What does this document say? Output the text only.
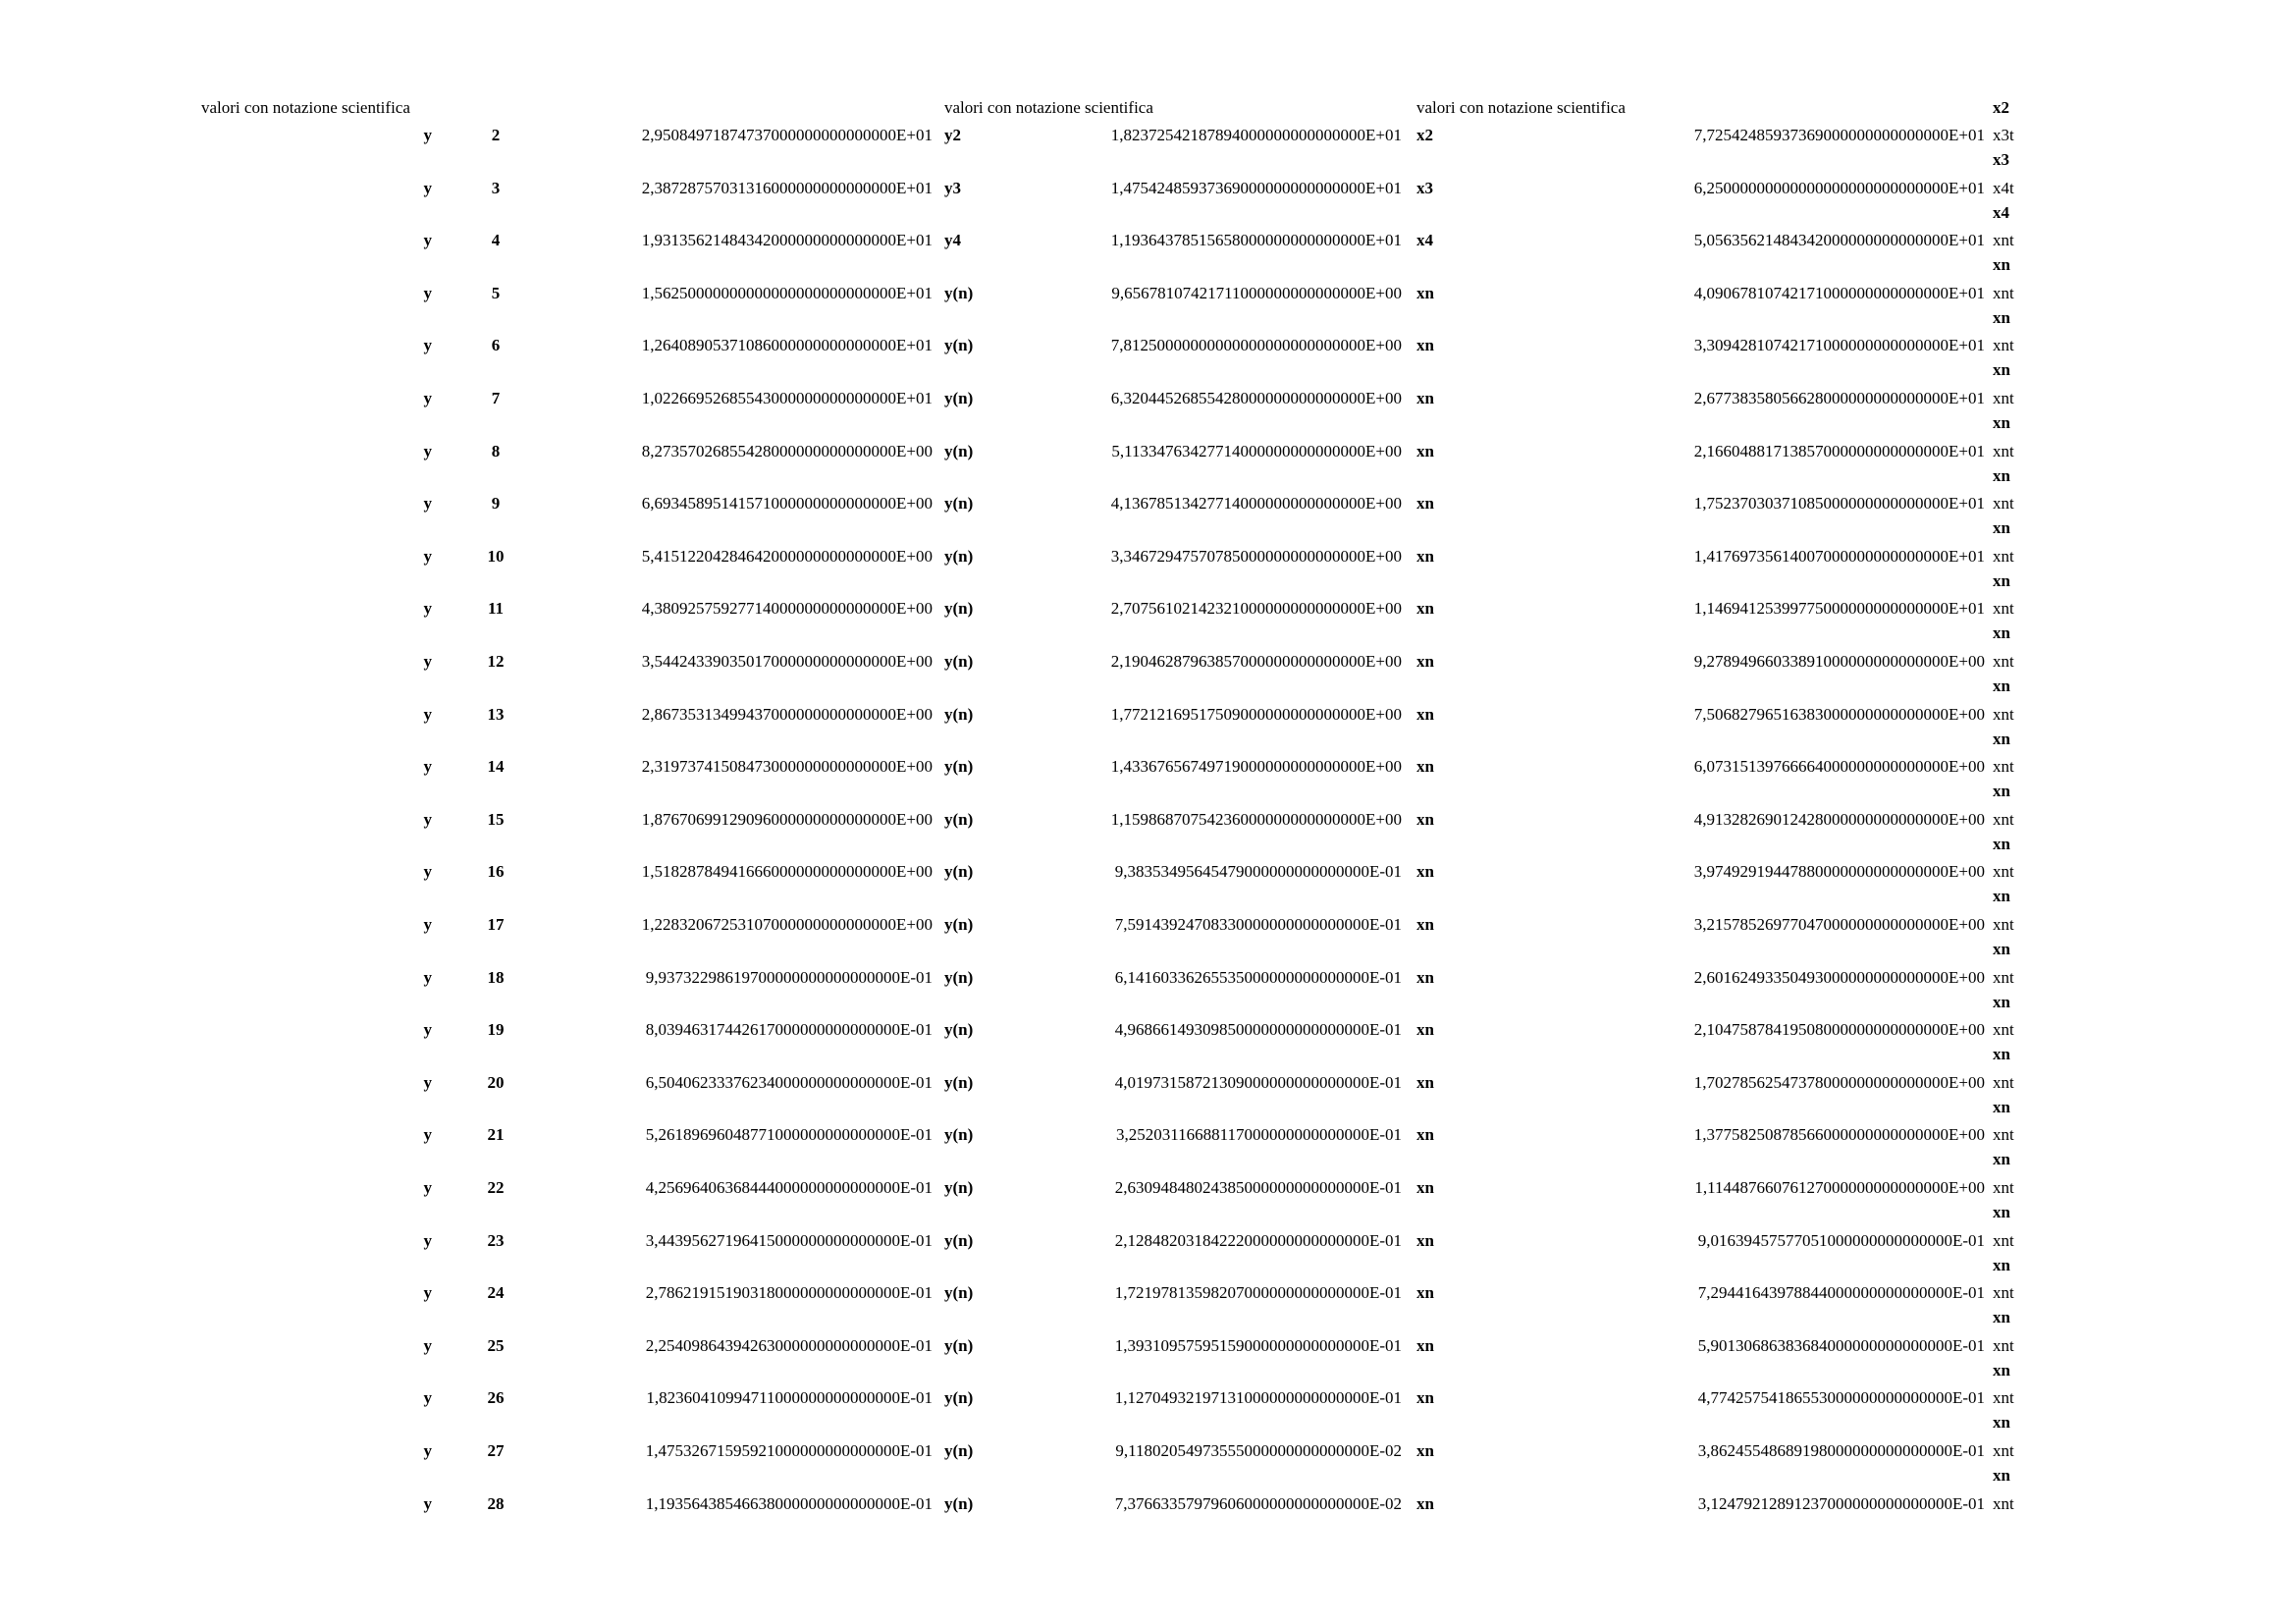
valori con notazione scientifica	valori con notazione scientifica	valori con notazione scientifica	x2
y	2	2,95084971874737000000000000000E+01 y2	1,82372542187894000000000000000E+01 x2	7,72542485937369000000000000000E+01 x3t
x3
y	3	2,38728757031316000000000000000E+01 y3	1,47542485937369000000000000000E+01 x3	6,25000000000000000000000000000E+01 x4t
x4
y	4	1,93135621484342000000000000000E+01 y4	1,19364378515658000000000000000E+01 x4	5,05635621484342000000000000000E+01 xnt
xn
y	5	1,56250000000000000000000000000E+01 y(n)	9,65678107421711000000000000000E+00 xn	4,09067810742171000000000000000E+01 xnt
xn
y	6	1,26408905371086000000000000000E+01 y(n)	7,81250000000000000000000000000E+00 xn	3,30942810742171000000000000000E+01 xnt
xn
y	7	1,02266952685543000000000000000E+01 y(n)	6,32044526855428000000000000000E+00 xn	2,67738358056628000000000000000E+01 xnt
xn
y	8	8,27357026855428000000000000000E+00 y(n)	5,11334763427714000000000000000E+00 xn	2,16604881713857000000000000000E+01 xnt
xn
y	9	6,69345895141571000000000000000E+00 y(n)	4,13678513427714000000000000000E+00 xn	1,75237030371085000000000000000E+01 xnt
xn
y	10	5,41512204284642000000000000000E+00 y(n)	3,34672947570785000000000000000E+00 xn	1,41769735614007000000000000000E+01 xnt
xn
y	11	4,38092575927714000000000000000E+00 y(n)	2,70756102142321000000000000000E+00 xn	1,14694125399775000000000000000E+01 xnt
xn
y	12	3,54424339035017000000000000000E+00 y(n)	2,19046287963857000000000000000E+00 xn	9,27894966033891000000000000000E+00 xnt
xn
y	13	2,86735313499437000000000000000E+00 y(n)	1,77212169517509000000000000000E+00 xn	7,50682796516383000000000000000E+00 xnt
xn
y	14	2,31973741508473000000000000000E+00 y(n)	1,43367656749719000000000000000E+00 xn	6,07315139766664000000000000000E+00 xnt
xn
y	15	1,87670699129096000000000000000E+00 y(n)	1,15986870754236000000000000000E+00 xn	4,91328269012428000000000000000E+00 xnt
xn
y	16	1,51828784941666000000000000000E+00 y(n)	9,38353495645479000000000000000E-01 xn	3,97492919447880000000000000000E+00 xnt
xn
y	17	1,22832067253107000000000000000E+00 y(n)	7,59143924708330000000000000000E-01 xn	3,21578526977047000000000000000E+00 xnt
xn
y	18	9,93732298619700000000000000000E-01 y(n)	6,14160336265535000000000000000E-01 xn	2,60162493350493000000000000000E+00 xnt
xn
y	19	8,03946317442617000000000000000E-01 y(n)	4,96866149309850000000000000000E-01 xn	2,10475878419508000000000000000E+00 xnt
xn
y	20	6,50406233376234000000000000000E-01 y(n)	4,01973158721309000000000000000E-01 xn	1,70278562547378000000000000000E+00 xnt
xn
y	21	5,26189696048771000000000000000E-01 y(n)	3,25203116688117000000000000000E-01 xn	1,37758250878566000000000000000E+00 xnt
xn
y	22	4,25696406368444000000000000000E-01 y(n)	2,63094848024385000000000000000E-01 xn	1,11448766076127000000000000000E+00 xnt
xn
y	23	3,44395627196415000000000000000E-01 y(n)	2,12848203184222000000000000000E-01 xn	9,01639457577051000000000000000E-01 xnt
xn
y	24	2,78621915190318000000000000000E-01 y(n)	1,72197813598207000000000000000E-01 xn	7,29441643978844000000000000000E-01 xnt
xn
y	25	2,25409864394263000000000000000E-01 y(n)	1,39310957595159000000000000000E-01 xn	5,90130686383684000000000000000E-01 xnt
xn
y	26	1,82360410994711000000000000000E-01 y(n)	1,12704932197131000000000000000E-01 xn	4,77425754186553000000000000000E-01 xnt
xn
y	27	1,47532671595921000000000000000E-01 y(n)	9,11802054973555000000000000000E-02 xn	3,86245548689198000000000000000E-01 xnt
xn
y	28	1,19356438546638000000000000000E-01 y(n)	7,37663357979606000000000000000E-02 xn	3,12479212891237000000000000000E-01 xnt
